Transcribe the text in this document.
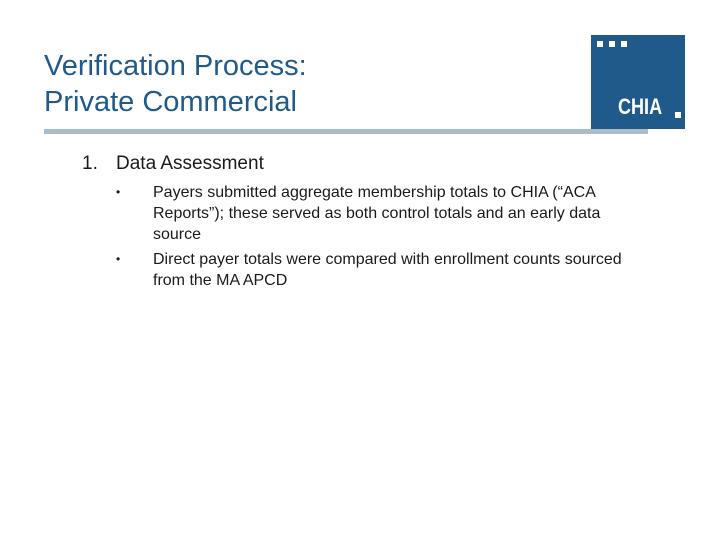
Verification Process:
Private Commercial	CHIA
1. Data Assessment
•	Payers submitted aggregate membership totals to CHIA (“ACA Reports”); these served as both control totals and an early data source
•	Direct payer totals were compared with enrollment counts sourced from the MA APCD
